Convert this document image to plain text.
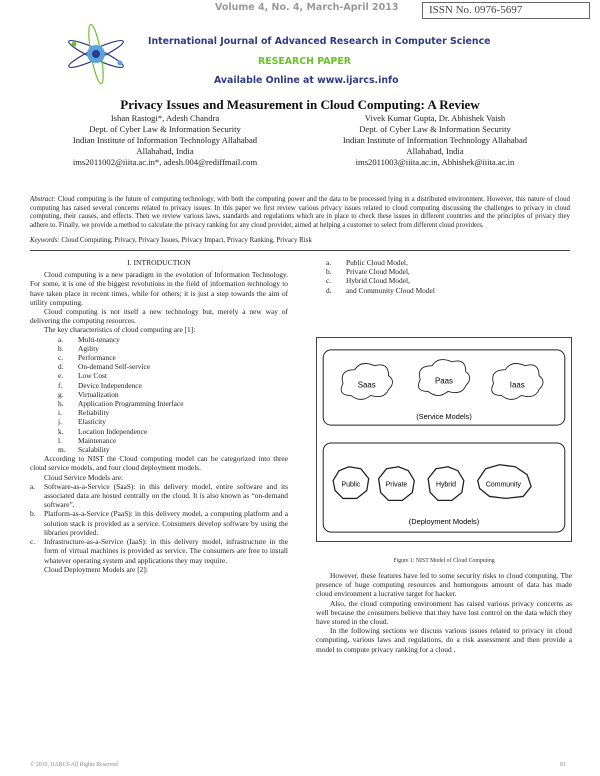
Volume 4, No. 4, March-April 2013	ISSN No. 0976-5697
International Journal of Advanced Research in Computer Science
RESEARCH PAPER
Available Online at www.ijarcs.info
Privacy Issues and Measurement in Cloud Computing: A Review
Ishan Rastogi*, Adesh Chandra
Dept. of Cyber Law & Information Security
Indian Institute of Information Technology Allahabad
Allahabad, India
ims2011002@iiita.ac.in*, adesh.004@rediffmail.com
Vivek Kumar Gupta, Dr. Abhishek Vaish
Dept. of Cyber Law & Information Security
Indian Institute of Information Technology Allahabad
Allahabad, India
ims2011003@iiita.ac.in, Abhishek@iiita.ac.in
Abstract: Cloud computing is the future of computing technology, with both the computing power and the data to be processed lying in a distributed environment. However, this nature of cloud computing has raised several concerns related to privacy issues. In this paper we first review various privacy issues related to cloud computing discussing the challenges to privacy in cloud computing, their causes, and effects. Then we review various laws, standards and regulations which are in place to check these issues in different countries and the principles of privacy they adhere to. Finally, we provide a method to calculate the privacy ranking for any cloud provider, aimed at helping a customer to select from different cloud providers.
Keywords: Cloud Computing, Privacy, Privacy Issues, Privacy Impact, Privacy Ranking, Privacy Risk
I. INTRODUCTION

Cloud computing is a new paradigm in the evolution of Information Technology. For some, it is one of the biggest revolutions in the field of information technology to have taken place in recent times, while for others; it is just a step towards the aim of utility computing.

Cloud computing is not itself a new technology but, merely a new way of delivering the computing resources.

The key characteristics of cloud computing are [1]:

a. Multi-tenancy
b. Agility
c. Performance
d. On-demand Self-service
e. Low Cost
f. Device Independence
g. Virtualization
h. Application Programming Interface
i. Reliability
j. Elasticity
k. Location Independence
l. Maintenance
m. Scalability

According to NIST the Cloud computing model can be categorized into three cloud service models, and four cloud deployment models.

Cloud Service Models are:

a. Software-as-a-Service (SaaS): in this delivery model, entire software and its associated data are hosted centrally on the cloud. It is also known as “on-demand software”.
b. Platform-as-a-Service (PaaS): in this delivery model, a computing platform and a solution stack is provided as a service. Consumers develop software by using the libraries provided.
c. Infrastructure-as-a-Service (IaaS): in this delivery model, infrastructure in the form of virtual machines is provided as service. The consumers are free to install whatever operating system and applications they may require.

Cloud Deployment Models are [2]:

a. Public Cloud Model,
b. Private Cloud Model,
c. Hybrid Cloud Model,
d. and Community Cloud Model
Saas	Paas	Iaas
(Service Models)
Public	Private	Hybrid	Community
(Deployment Models)
Figure 1: NIST Model of Cloud Computing

However, these features have led to some security risks to cloud computing. The presence of huge computing resources and humongous amount of data has made cloud environment a lucrative target for hacker.

Also, the cloud computing environment has raised various privacy concerns as well because the consumers believe that they have lost control on the data which they have stored in the cloud.

In the following sections we discuss various issues related to privacy in cloud computing, various laws and regulations, do a risk assessment and then provide a model to compute privacy ranking for a cloud .

© 2010, IJARCS All Rights Reserved	81
